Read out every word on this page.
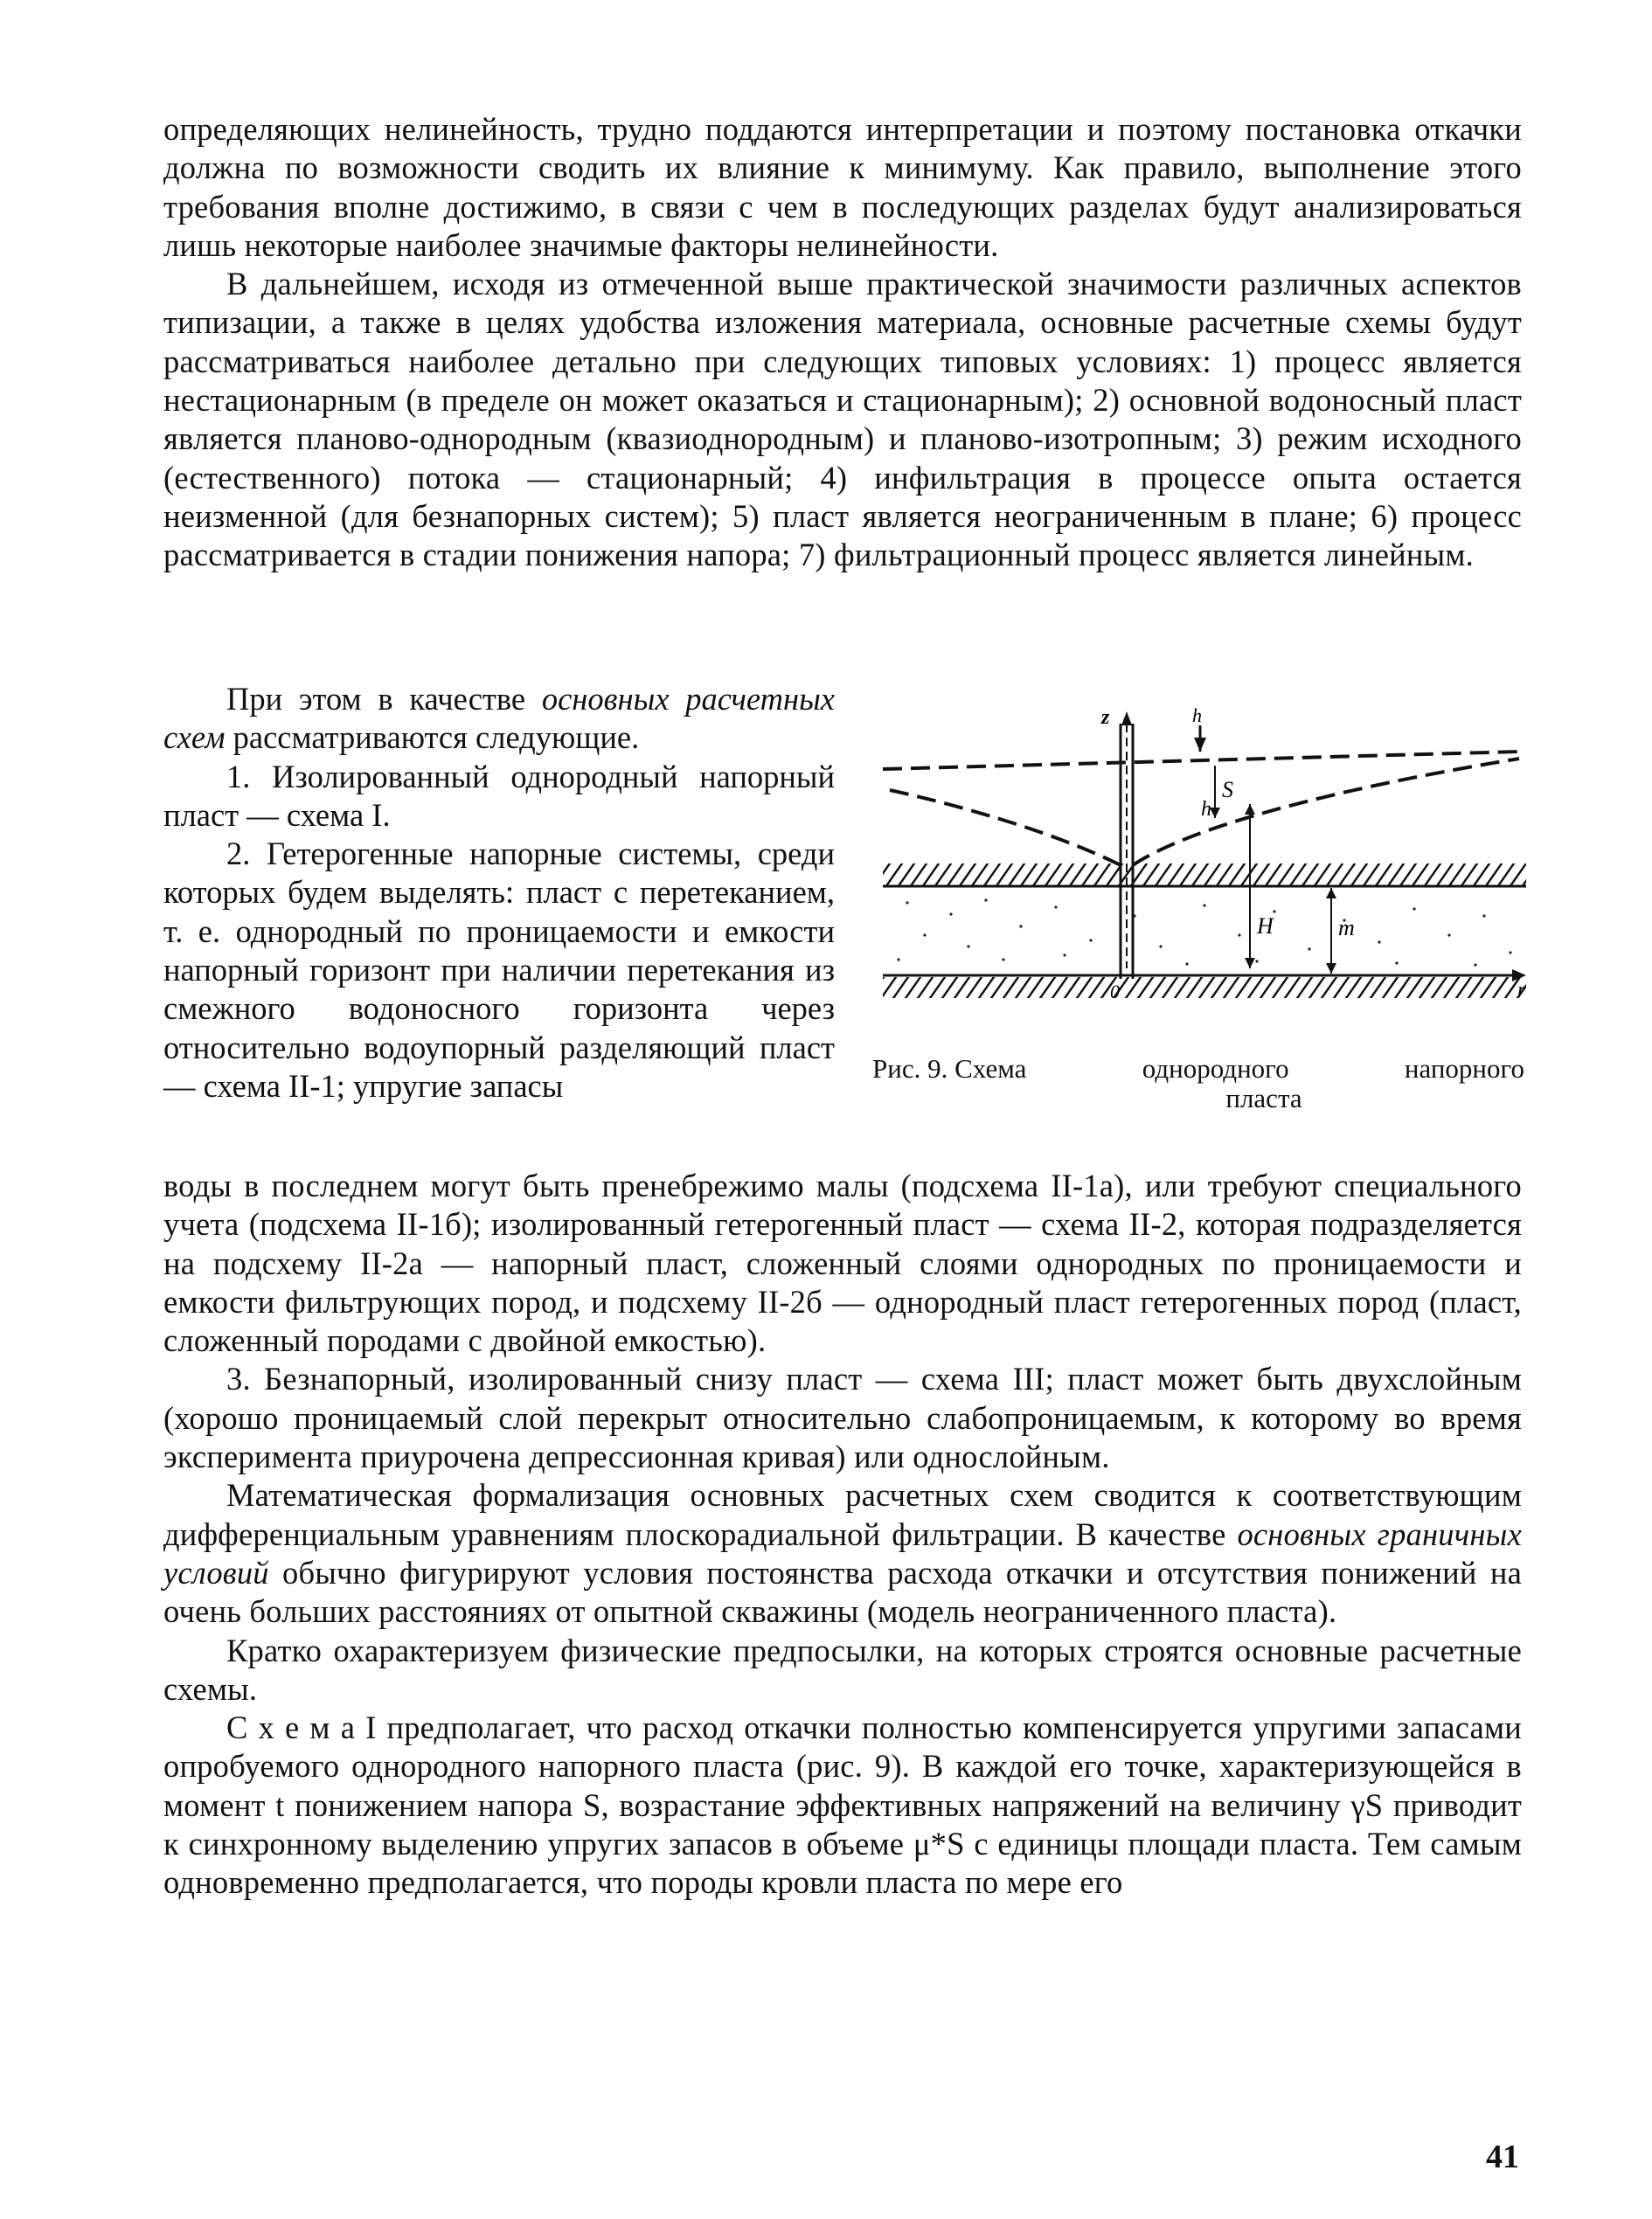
определяющих нелинейность, трудно поддаются интерпретации и поэтому постановка откачки должна по возможности сводить их влияние к минимуму. Как правило, выполнение этого требования вполне достижимо, в связи с чем в последующих разделах будут анализироваться лишь некоторые наиболее значимые факторы нелинейности.

В дальнейшем, исходя из отмеченной выше практической значимости различных аспектов типизации, а также в целях удобства изложения материала, основные расчетные схемы будут рассматриваться наиболее детально при следующих типовых условиях: 1) процесс является нестационарным (в пределе он может оказаться и стационарным); 2) основной водоносный пласт является планово-однородным (квазиоднородным) и планово-изотропным; 3) режим исходного (естественного) потока — стационарный; 4) инфильтрация в процессе опыта остается неизменной (для безнапорных систем); 5) пласт является неограниченным в плане; 6) процесс рассматривается в стадии понижения напора; 7) фильтрационный процесс является линейным.

При этом в качестве основных расчетных схем рассматриваются следующие.

1. Изолированный однородный напорный пласт — схема I.

2. Гетерогенные напорные системы, среди которых будем выделять: пласт с перетеканием, т. е. однородный по проницаемости и емкости напорный горизонт при наличии перетекания из смежного водоносного горизонта через относительно водоупорный разделяющий пласт — схема II-1; упругие запасы

z	h
S
h
H	m
0	r
Рис. 9. Схема	однородного	напорного
пласта

воды в последнем могут быть пренебрежимо малы (подсхема II-1а), или требуют специального учета (подсхема II-1б); изолированный гетерогенный пласт — схема II-2, которая подразделяется на подсхему II-2а — напорный пласт, сложенный слоями однородных по проницаемости и емкости фильтрующих пород, и подсхему II-2б — однородный пласт гетерогенных пород (пласт, сложенный породами с двойной емкостью).

3. Безнапорный, изолированный снизу пласт — схема III; пласт может быть двухслойным (хорошо проницаемый слой перекрыт относительно слабопроницаемым, к которому во время эксперимента приурочена депрессионная кривая) или однослойным.

Математическая формализация основных расчетных схем сводится к соответствующим дифференциальным уравнениям плоскорадиальной фильтрации. В качестве основных граничных условий обычно фигурируют условия постоянства расхода откачки и отсутствия понижений на очень больших расстояниях от опытной скважины (модель неограниченного пласта).

Кратко охарактеризуем физические предпосылки, на которых строятся основные расчетные схемы.

С х е м а I предполагает, что расход откачки полностью компенсируется упругими запасами опробуемого однородного напорного пласта (рис. 9). В каждой его точке, характеризующейся в момент t понижением напора S, возрастание эффективных напряжений на величину γS приводит к синхронному выделению упругих запасов в объеме μ*S с единицы площади пласта. Тем самым одновременно предполагается, что породы кровли пласта по мере его

41
